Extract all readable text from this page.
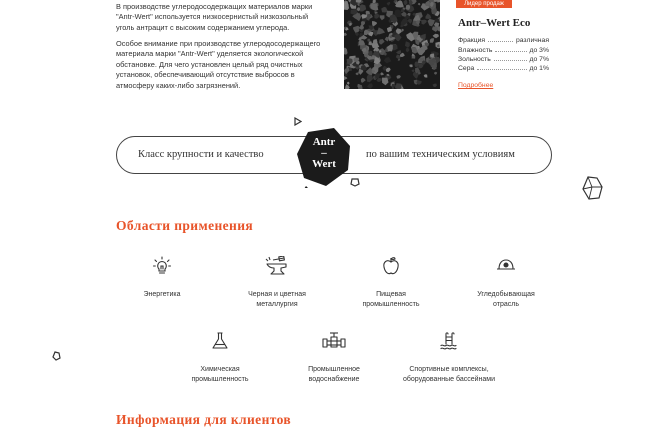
В производстве углеродосодержащих материалов марки
"Antr-Wert" используется низкосернистый низкозольный
уголь антрацит с высоким содержанием углерода.
Особое внимание при производстве углеродосодержащего
материала марки "Antr-Wert" уделяется экологической
обстановке. Для чего установлен целый ряд очистных
установок, обеспечивающий отсутствие выбросов в
атмосферу каких-либо загрязнений.
Лидер продаж
Antr–Wert Eco
Фракция	различная
Влажность	до 3%
Зольность	до 7%
Сера	до 1%
Подробнее
Класс крупности и качество	по вашим техническим условиям
Antr
–
Wert
Области применения
Энергетика	Черная и цветная
металлургия
Пищевая
промышленность
Угледобывающая
отрасль
Химическая
промышленность
Промышленное
водоснабжение
Спортивные комплексы,
оборудованные бассейнами
Информация для клиентов
